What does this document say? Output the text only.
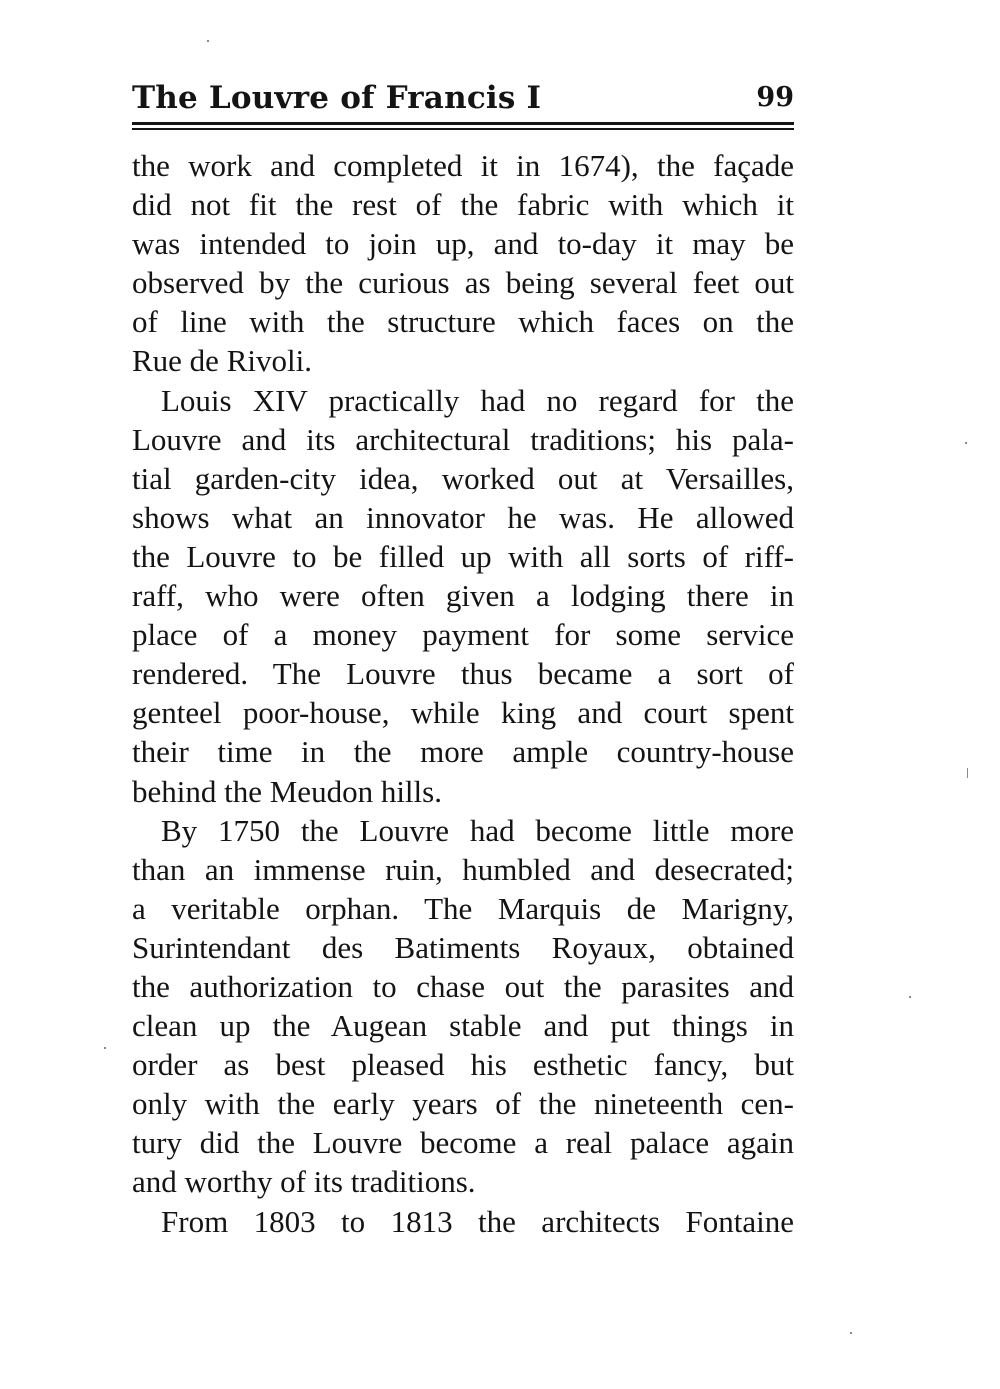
The Louvre of Francis I	99
the work and completed it in 1674), the façade
did not fit the rest of the fabric with which it
was intended to join up, and to-day it may be
observed by the curious as being several feet out
of line with the structure which faces on the
Rue de Rivoli.
Louis XIV practically had no regard for the
Louvre and its architectural traditions; his pala-
tial garden-city idea, worked out at Versailles,
shows what an innovator he was. He allowed
the Louvre to be filled up with all sorts of riff-
raff, who were often given a lodging there in
place of a money payment for some service
rendered. The Louvre thus became a sort of
genteel poor-house, while king and court spent
their time in the more ample country-house
behind the Meudon hills.
By 1750 the Louvre had become little more
than an immense ruin, humbled and desecrated;
a veritable orphan. The Marquis de Marigny,
Surintendant des Batiments Royaux, obtained
the authorization to chase out the parasites and
clean up the Augean stable and put things in
order as best pleased his esthetic fancy, but
only with the early years of the nineteenth cen-
tury did the Louvre become a real palace again
and worthy of its traditions.
From 1803 to 1813 the architects Fontaine
